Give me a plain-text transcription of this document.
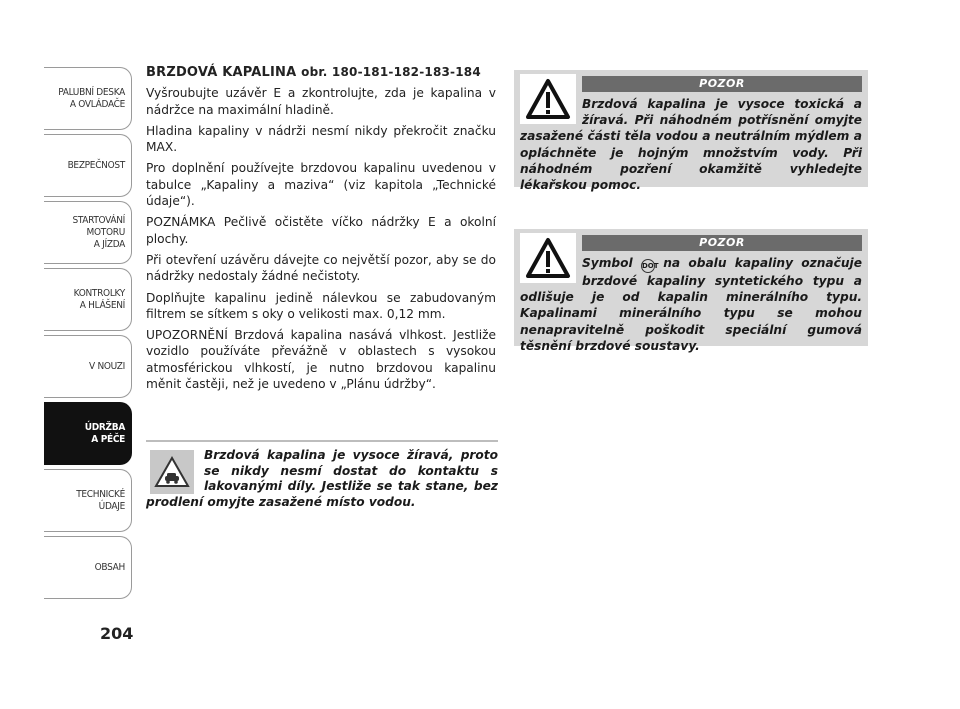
PALUBNÍ DESKA
A OVLÁDAČE
BEZPEČNOST
STARTOVÁNÍ
MOTORU
A JÍZDA
KONTROLKY
A HLÁŠENÍ
V NOUZI
ÚDRŽBA
A PÉČE
TECHNICKÉ
ÚDAJE
OBSAH
204
BRZDOVÁ KAPALINA obr. 180-181-182-183-184

Vyšroubujte uzávěr E a zkontrolujte, zda je kapalina v nádržce na maximální hladině.

Hladina kapaliny v nádrži nesmí nikdy překročit značku MAX.

Pro doplnění používejte brzdovou kapalinu uvedenou v tabulce „Kapaliny a maziva“ (viz kapitola „Technické údaje“).

POZNÁMKA Pečlivě očistěte víčko nádržky E a okolní plochy.

Při otevření uzávěru dávejte co největší pozor, aby se do nádržky nedostaly žádné nečistoty.

Doplňujte kapalinu jedině nálevkou se zabudovaným filtrem se sítkem s oky o velikosti max. 0,12 mm.

UPOZORNĚNÍ Brzdová kapalina nasává vlhkost. Jestliže vozidlo používáte převážně v oblastech s vysokou atmosférickou vlhkostí, je nutno brzdovou kapalinu měnit častěji, než je uvedeno v „Plánu údržby“.

Brzdová kapalina je vysoce žíravá, proto se nikdy nesmí dostat do kontaktu s lakovanými díly. Jestliže se tak stane, bez prodlení omyjte zasažené místo vodou.
POZOR
Brzdová kapalina je vysoce toxická a žíravá. Při náhodném potřísnění omyjte zasažené části těla vodou a neutrálním mýdlem a opláchněte je hojným množstvím vody. Při náhodném pozření okamžitě vyhledejte lékařskou pomoc.
POZOR
Symbol DOT na obalu kapaliny označuje brzdové kapaliny syntetického typu a odlišuje je od kapalin minerálního typu. Kapalinami minerálního typu se mohou nenapravitelně poškodit speciální gumová těsnění brzdové soustavy.
